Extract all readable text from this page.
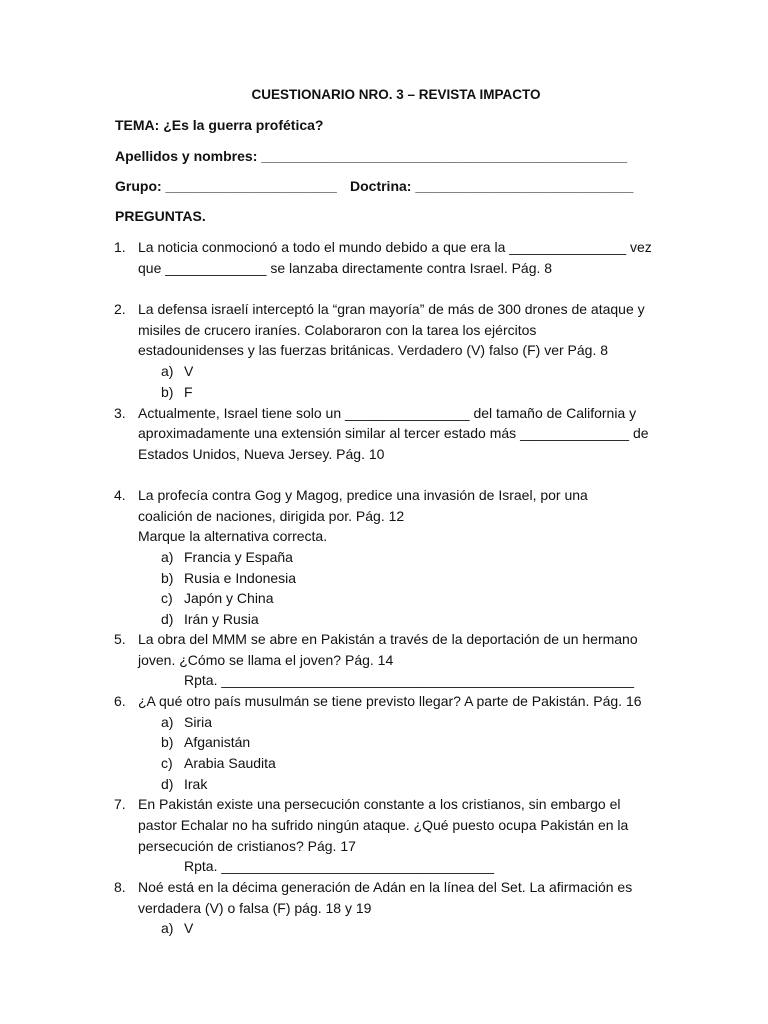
CUESTIONARIO NRO. 3 – REVISTA IMPACTO
TEMA: ¿Es la guerra profética?
Apellidos y nombres: _______________________________________________
Grupo: ______________________ Doctrina: ____________________________
PREGUNTAS.
1. La noticia conmocionó a todo el mundo debido a que era la _______________ vez
que _____________ se lanzaba directamente contra Israel. Pág. 8
2. La defensa israelí interceptó la “gran mayoría” de más de 300 drones de ataque y
misiles de crucero iraníes. Colaboraron con la tarea los ejércitos
estadounidenses y las fuerzas británicas. Verdadero (V) falso (F) ver Pág. 8
a) V
b) F
3. Actualmente, Israel tiene solo un ________________ del tamaño de California y
aproximadamente una extensión similar al tercer estado más ______________ de
Estados Unidos, Nueva Jersey. Pág. 10
4. La profecía contra Gog y Magog, predice una invasión de Israel, por una
coalición de naciones, dirigida por. Pág. 12
Marque la alternativa correcta.
a) Francia y España
b) Rusia e Indonesia
c) Japón y China
d) Irán y Rusia
5. La obra del MMM se abre en Pakistán a través de la deportación de un hermano
joven. ¿Cómo se llama el joven? Pág. 14
Rpta. _____________________________________________________
6. ¿A qué otro país musulmán se tiene previsto llegar? A parte de Pakistán. Pág. 16
a) Siria
b) Afganistán
c) Arabia Saudita
d) Irak
7. En Pakistán existe una persecución constante a los cristianos, sin embargo el
pastor Echalar no ha sufrido ningún ataque. ¿Qué puesto ocupa Pakistán en la
persecución de cristianos? Pág. 17
Rpta. ___________________________________
8. Noé está en la décima generación de Adán en la línea del Set. La afirmación es
verdadera (V) o falsa (F) pág. 18 y 19
a) V
